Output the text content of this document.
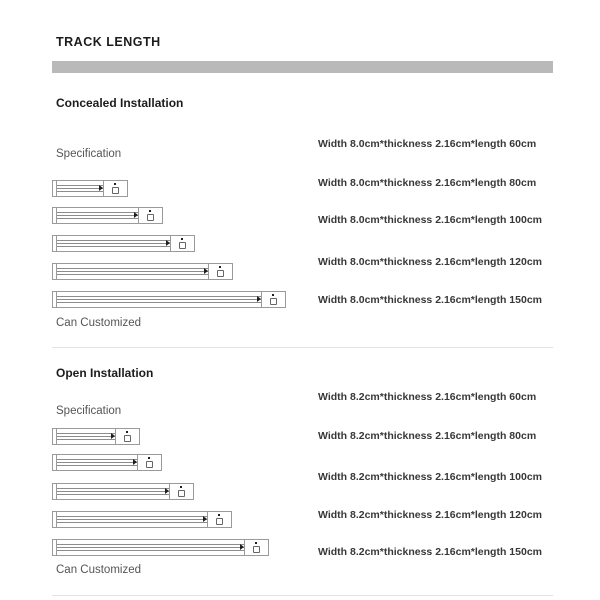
TRACK LENGTH
Concealed Installation
Specification
Width 8.0cm*thickness 2.16cm*length 60cm
Width 8.0cm*thickness 2.16cm*length 80cm
Width 8.0cm*thickness 2.16cm*length 100cm
Width 8.0cm*thickness 2.16cm*length 120cm
Width 8.0cm*thickness 2.16cm*length 150cm
Can Customized
Open Installation
Specification
Width 8.2cm*thickness 2.16cm*length 60cm
Width 8.2cm*thickness 2.16cm*length 80cm
Width 8.2cm*thickness 2.16cm*length 100cm
Width 8.2cm*thickness 2.16cm*length 120cm
Width 8.2cm*thickness 2.16cm*length 150cm
Can Customized
